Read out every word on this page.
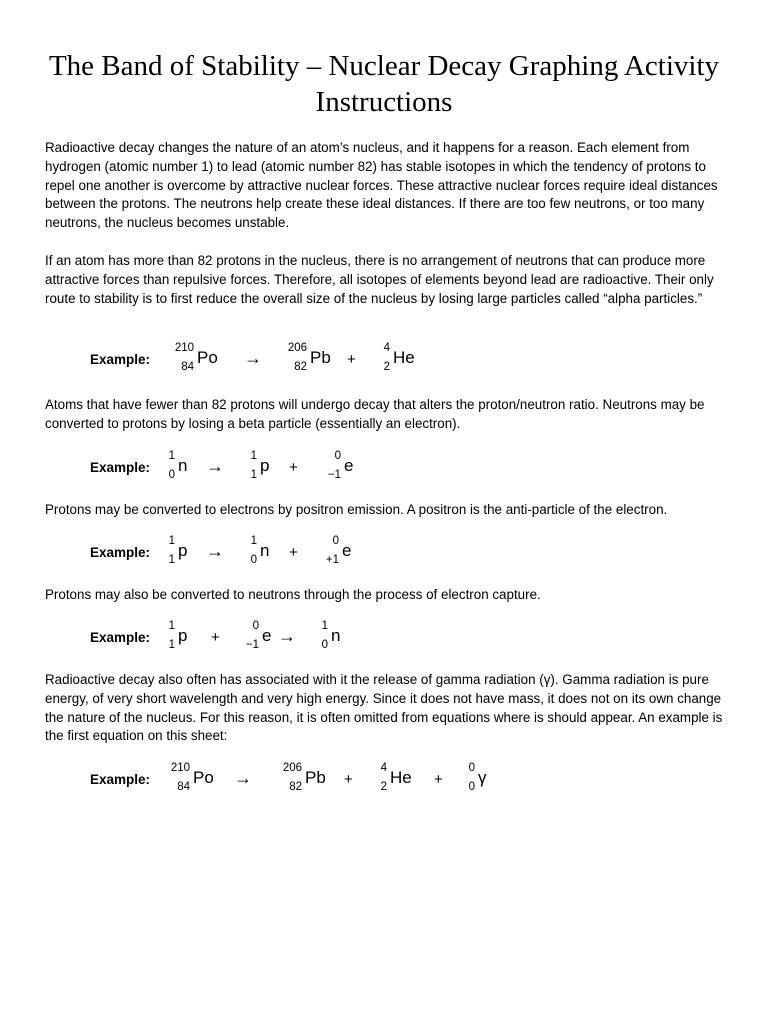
The Band of Stability – Nuclear Decay Graphing Activity Instructions

Radioactive decay changes the nature of an atom’s nucleus, and it happens for a reason. Each element from hydrogen (atomic number 1) to lead (atomic number 82) has stable isotopes in which the tendency of protons to repel one another is overcome by attractive nuclear forces. These attractive nuclear forces require ideal distances between the protons. The neutrons help create these ideal distances. If there are too few neutrons, or too many neutrons, the nucleus becomes unstable.

If an atom has more than 82 protons in the nucleus, there is no arrangement of neutrons that can produce more attractive forces than repulsive forces. Therefore, all isotopes of elements beyond lead are radioactive. Their only route to stability is to first reduce the overall size of the nucleus by losing large particles called “alpha particles.”

Example:
210
84 Po → 206
82 Pb +
4
2 He

Atoms that have fewer than 82 protons will undergo decay that alters the proton/neutron ratio. Neutrons may be converted to protons by losing a beta particle (essentially an electron).

Example:
1
0 n → 1
1 p +
0
−1 e

Protons may be converted to electrons by positron emission. A positron is the anti-particle of the electron.

Example:
1
1 p → 1
0 n +
0
+1 e

Protons may also be converted to neutrons through the process of electron capture.

Example:
1
1 p +
0
−1 e → 1
0 n

Radioactive decay also often has associated with it the release of gamma radiation (γ). Gamma radiation is pure energy, of very short wavelength and very high energy. Since it does not have mass, it does not on its own change the nature of the nucleus. For this reason, it is often omitted from equations where is should appear. An example is the first equation on this sheet:

Example:
210
84 Po →	206
82 Pb +
4
2 He +
0
0 γ
